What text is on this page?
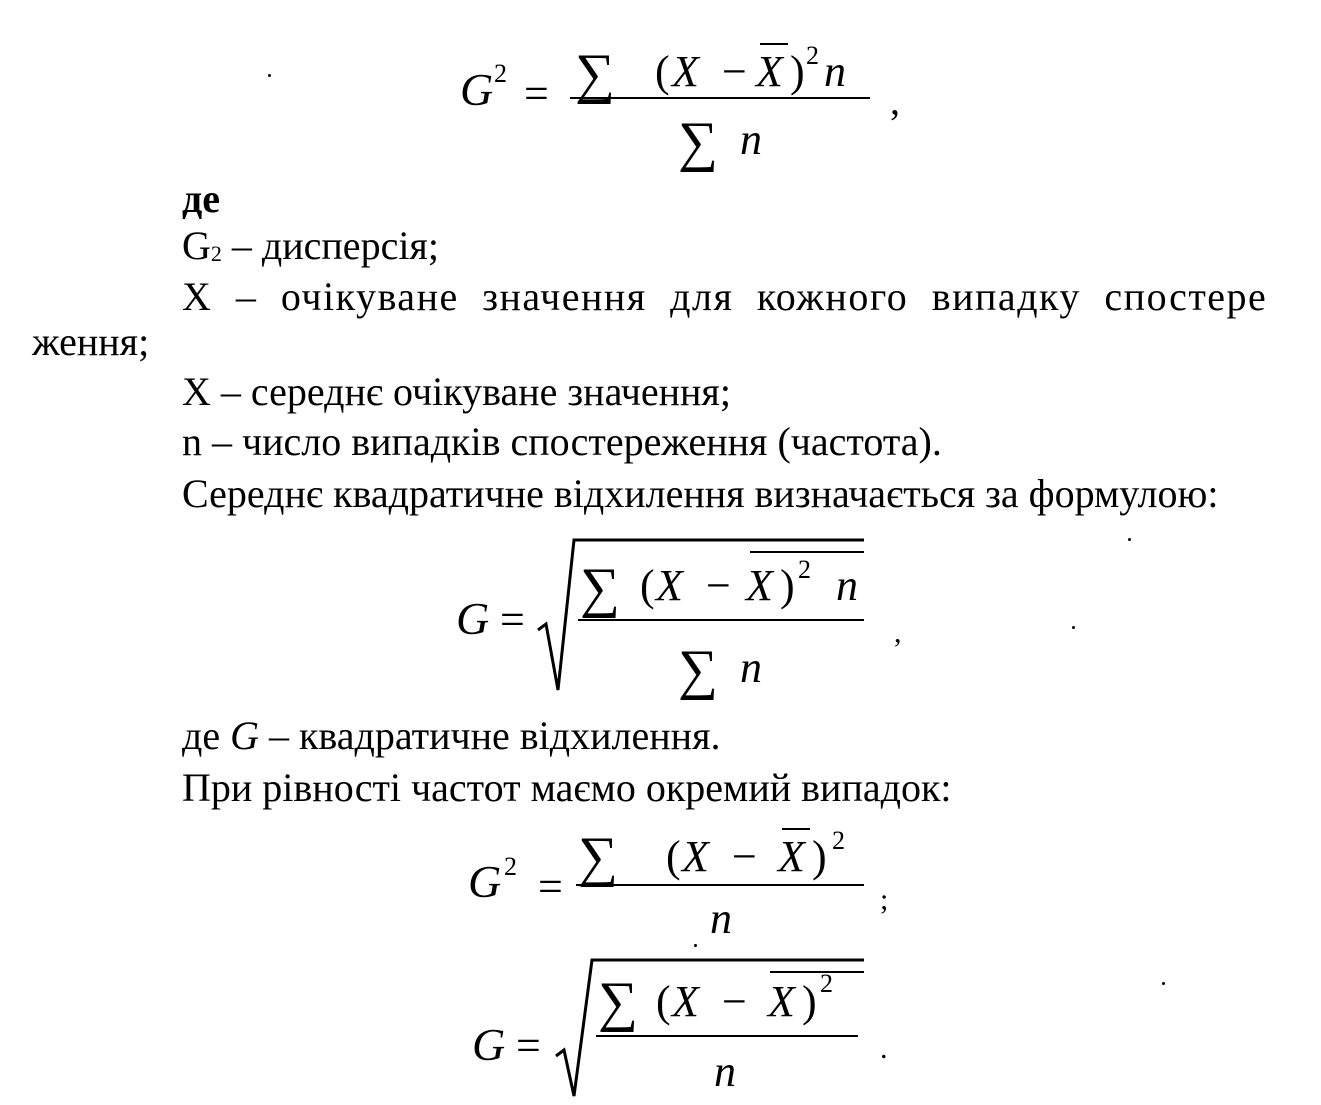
G 2 = ∑ ( X − X ) 2 n
∑ n
,
де
G2 – дисперсія;
X – очікуване значення для кожного випадку спостере
ження;
X – середнє очікуване значення;
n – число випадків спостереження (частота).
Середнє квадратичне відхилення визначається за формулою:
G =
∑ ( X − X ) 2 n
∑ n
,
де G – квадратичне відхилення.
При рівності частот маємо окремий випадок:
G 2 = ∑ ( X − X ) 2
n	;
G =
∑ ( X − X ) 2
n	.
